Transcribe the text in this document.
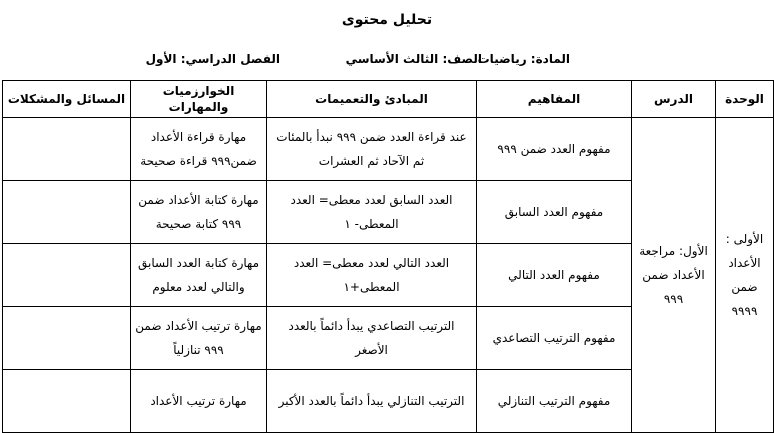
تحليل محتوى
المادة: رياضيات
الصف: الثالث الأساسي
الفصل الدراسي: الأول
الوحدة	الدرس	المفاهيم	المبادئ والتعميمات	الخوارزميات والمهارات	المسائل والمشكلات
الأولى : الأعداد ضمن ٩٩٩٩	الأول: مراجعة الأعداد ضمن ٩٩٩	مفهوم العدد ضمن ٩٩٩	عند قراءة العدد ضمن ٩٩٩ نبدأ بالمئات ثم الآحاد ثم العشرات	مهارة قراءة الأعداد ضمن٩٩٩ قراءة صحيحة	
		مفهوم العدد السابق	العدد السابق لعدد معطى= العدد المعطى- ١	مهارة كتابة الأعداد ضمن ٩٩٩ كتابة صحيحة	
		مفهوم العدد التالي	العدد التالي لعدد معطى= العدد المعطى+١	مهارة كتابة العدد السابق والتالي لعدد معلوم	
		مفهوم الترتيب التصاعدي	الترتيب التصاعدي يبدأ دائماً بالعدد الأصغر	مهارة ترتيب الأعداد ضمن ٩٩٩ تنازلياً	
		مفهوم الترتيب التنازلي	الترتيب التنازلي يبدأ دائماً بالعدد الأكبر	مهارة ترتيب الأعداد	
